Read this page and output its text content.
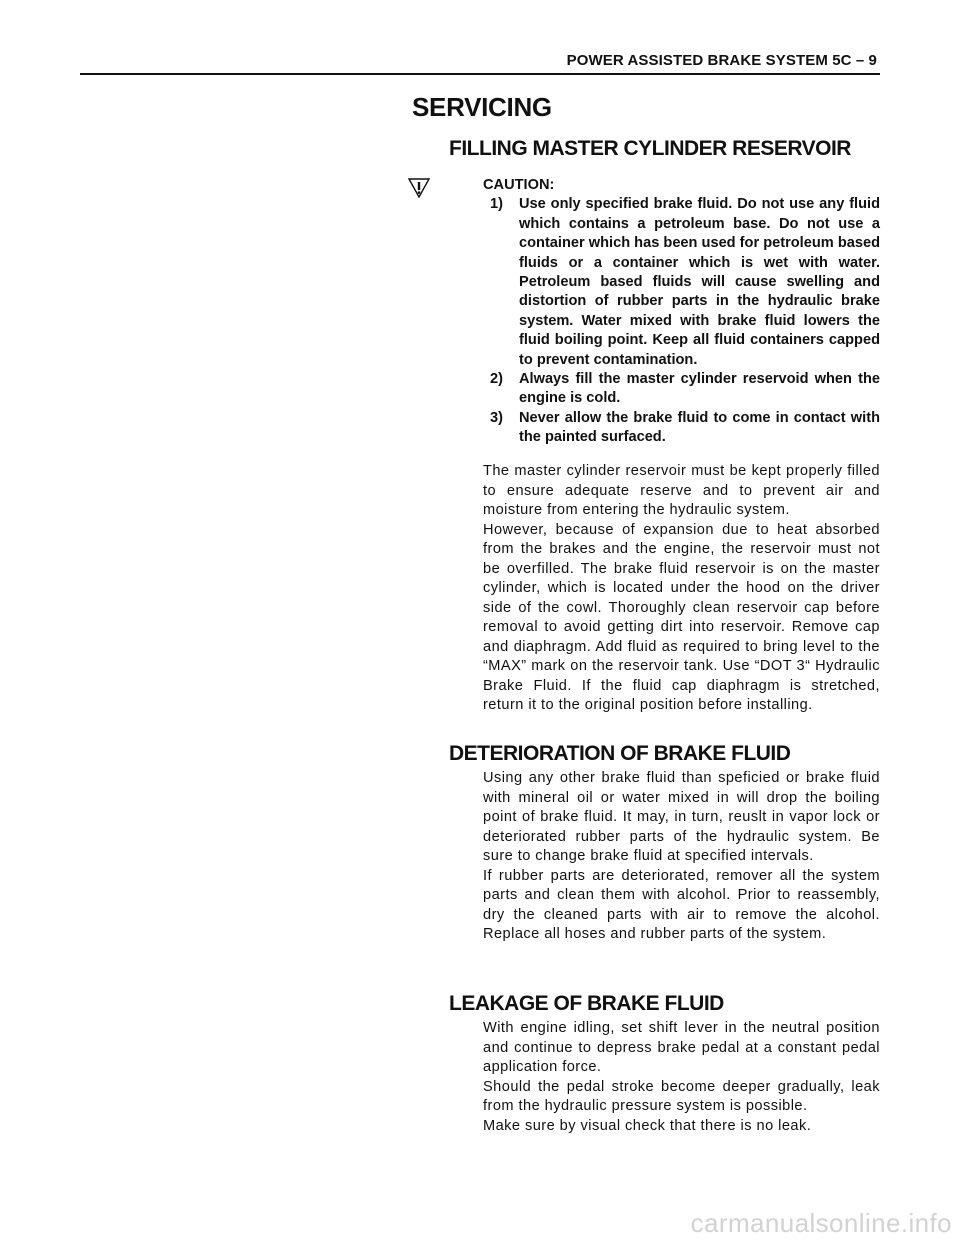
POWER ASSISTED BRAKE SYSTEM 5C – 9
SERVICING
FILLING MASTER CYLINDER RESERVOIR
CAUTION:
1) Use only specified brake fluid. Do not use any fluid which contains a petroleum base. Do not use a container which has been used for petroleum based fluids or a container which is wet with water. Petroleum based fluids will cause swelling and distortion of rubber parts in the hydraulic brake system. Water mixed with brake fluid lowers the fluid boiling point. Keep all fluid containers capped to prevent contamination.
2) Always fill the master cylinder reservoid when the engine is cold.
3) Never allow the brake fluid to come in contact with the painted surfaced.

The master cylinder reservoir must be kept properly filled to ensure adequate reserve and to prevent air and moisture from entering the hydraulic system.

However, because of expansion due to heat absorbed from the brakes and the engine, the reservoir must not be overfilled. The brake fluid reservoir is on the master cylinder, which is located under the hood on the driver side of the cowl. Thoroughly clean reservoir cap before removal to avoid getting dirt into reservoir. Remove cap and diaphragm. Add fluid as required to bring level to the “MAX” mark on the reservoir tank. Use “DOT 3“ Hydraulic Brake Fluid. If the fluid cap diaphragm is stretched, return it to the original position before installing.

DETERIORATION OF BRAKE FLUID

Using any other brake fluid than speficied or brake fluid with mineral oil or water mixed in will drop the boiling point of brake fluid. It may, in turn, reuslt in vapor lock or deteriorated rubber parts of the hydraulic system. Be sure to change brake fluid at specified intervals.

If rubber parts are deteriorated, remover all the system parts and clean them with alcohol. Prior to reassembly, dry the cleaned parts with air to remove the alcohol. Replace all hoses and rubber parts of the system.

LEAKAGE OF BRAKE FLUID

With engine idling, set shift lever in the neutral position and continue to depress brake pedal at a constant pedal application force.

Should the pedal stroke become deeper gradually, leak from the hydraulic pressure system is possible.

Make sure by visual check that there is no leak.

carmanualsonline.info
